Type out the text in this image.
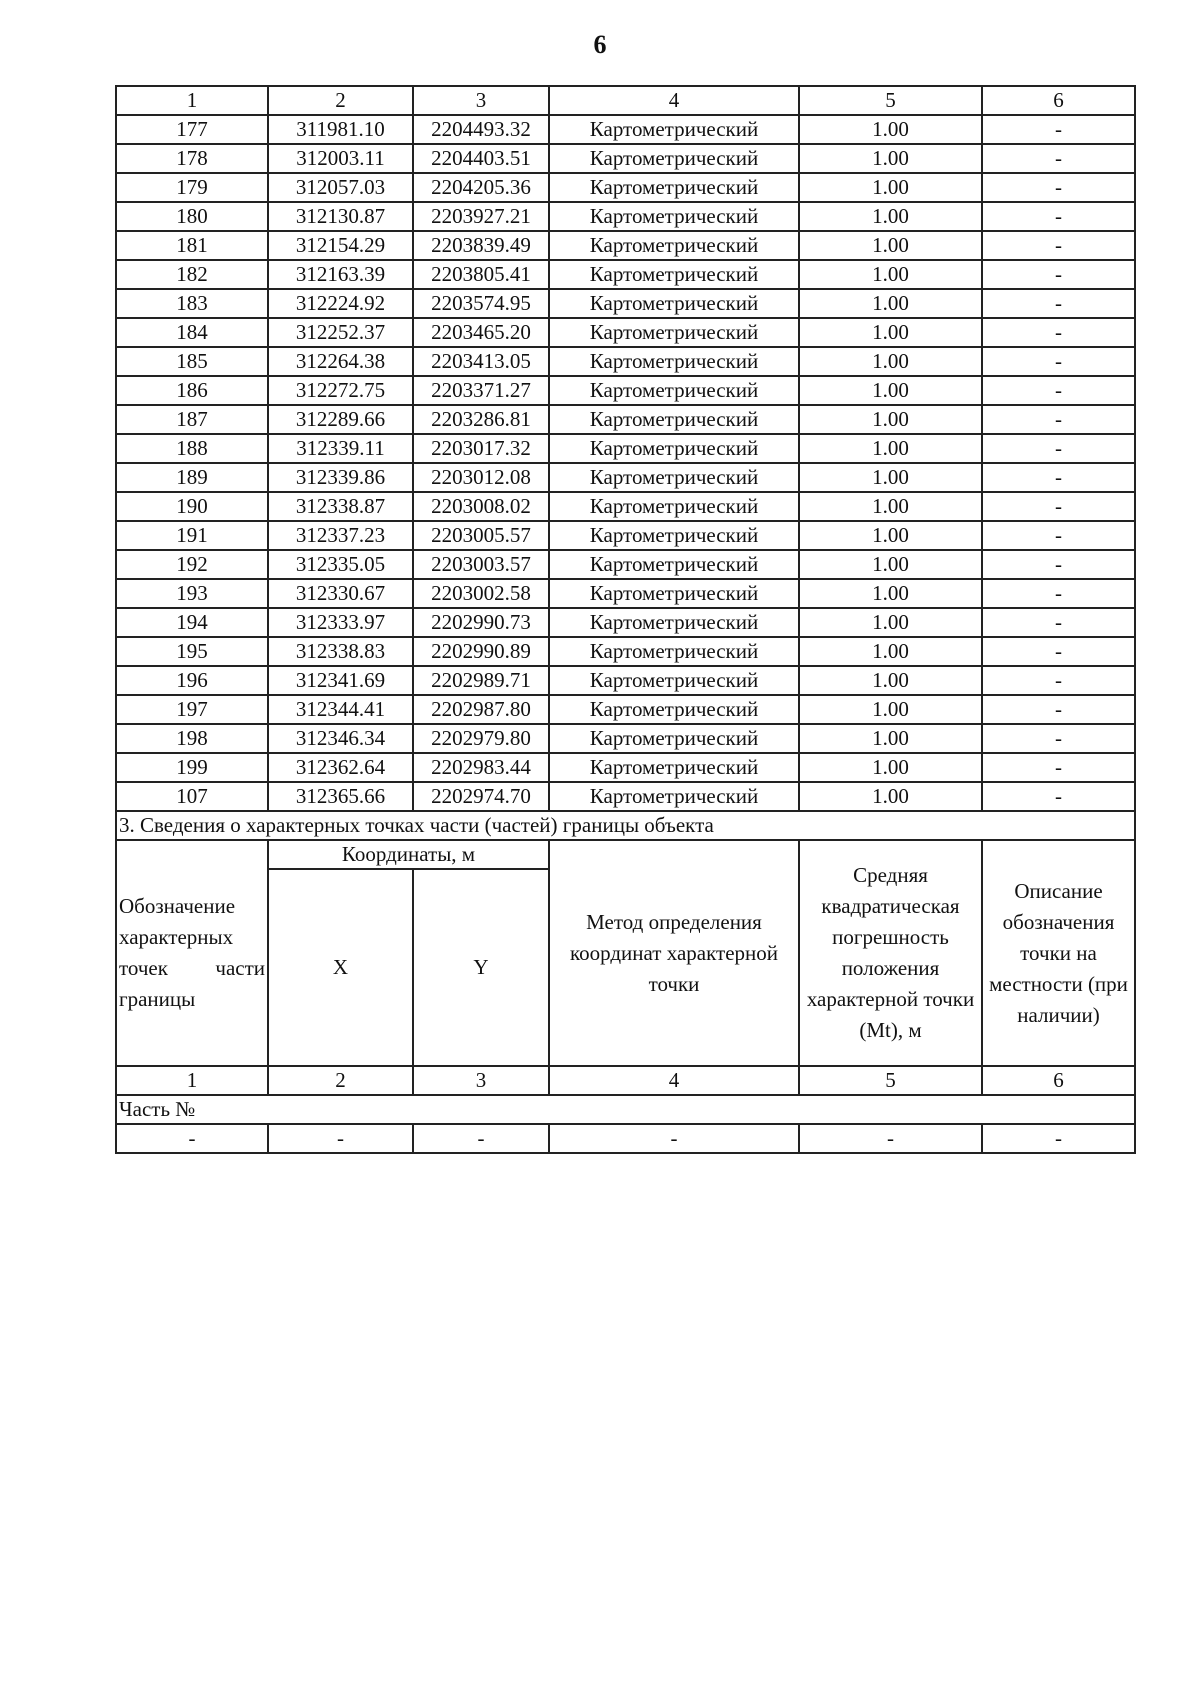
6
1	2	3	4	5	6
177	311981.10	2204493.32	Картометрический	1.00	-
178	312003.11	2204403.51	Картометрический	1.00	-
179	312057.03	2204205.36	Картометрический	1.00	-
180	312130.87	2203927.21	Картометрический	1.00	-
181	312154.29	2203839.49	Картометрический	1.00	-
182	312163.39	2203805.41	Картометрический	1.00	-
183	312224.92	2203574.95	Картометрический	1.00	-
184	312252.37	2203465.20	Картометрический	1.00	-
185	312264.38	2203413.05	Картометрический	1.00	-
186	312272.75	2203371.27	Картометрический	1.00	-
187	312289.66	2203286.81	Картометрический	1.00	-
188	312339.11	2203017.32	Картометрический	1.00	-
189	312339.86	2203012.08	Картометрический	1.00	-
190	312338.87	2203008.02	Картометрический	1.00	-
191	312337.23	2203005.57	Картометрический	1.00	-
192	312335.05	2203003.57	Картометрический	1.00	-
193	312330.67	2203002.58	Картометрический	1.00	-
194	312333.97	2202990.73	Картометрический	1.00	-
195	312338.83	2202990.89	Картометрический	1.00	-
196	312341.69	2202989.71	Картометрический	1.00	-
197	312344.41	2202987.80	Картометрический	1.00	-
198	312346.34	2202979.80	Картометрический	1.00	-
199	312362.64	2202983.44	Картометрический	1.00	-
107	312365.66	2202974.70	Картометрический	1.00	-
3. Сведения о характерных точках части (частей) границы объекта					
Обозначение характерных точек части границы	Координаты, м		Метод определения координат характерной точки	Средняя квадратическая погрешность положения характерной точки (Mt), м	Описание обозначения точки на местности (при наличии)
	X	Y			
1	2	3	4	5	6
Часть №					
-	-	-	-	-	-
